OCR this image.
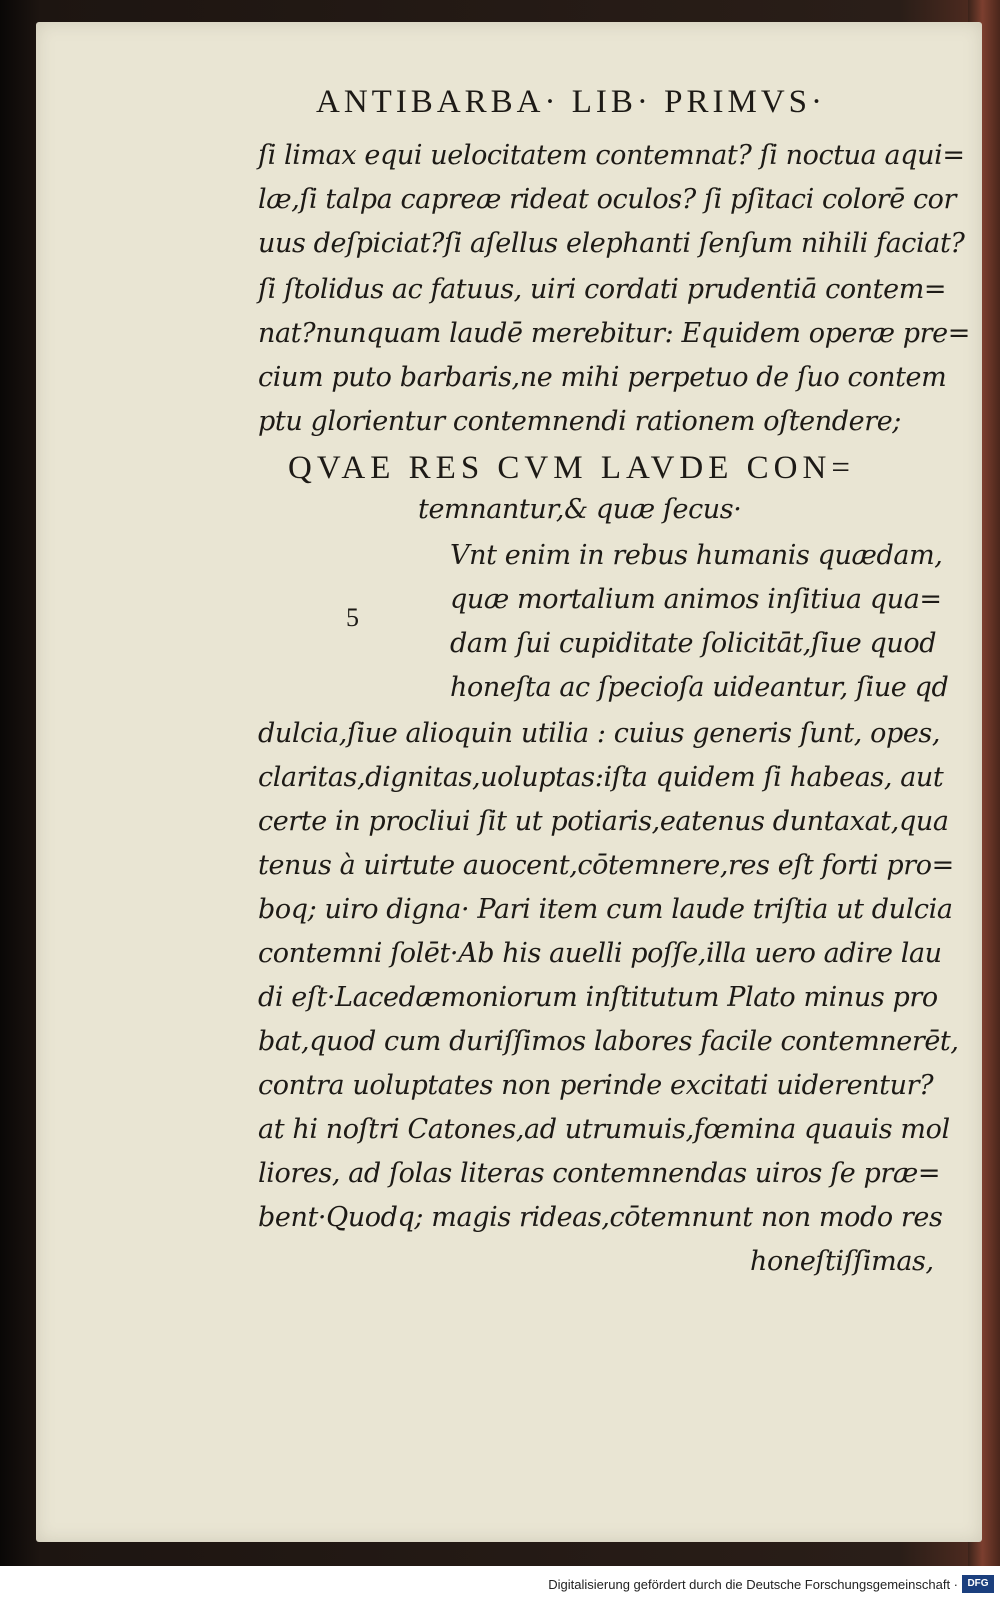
ANTIBARBA· LIB· PRIMVS·
ſi limax equi uelocitatem contemnat? ſi noctua aqui=
læ,ſi talpa capreæ rideat oculos? ſi pſitaci colorē cor
uus deſpiciat?ſi aſellus elephanti ſenſum nihili faciat?
ſi ſtolidus ac fatuus, uiri cordati prudentiā contem=
nat?nunquam laudē merebitur: Equidem operæ pre=
cium puto barbaris,ne mihi perpetuo de ſuo contem
ptu glorientur contemnendi rationem oſtendere;
QVAE RES CVM LAVDE CON=
temnantur,& quæ ſecus·
Vnt enim in rebus humanis quædam,
quæ mortalium animos inſitiua qua=
dam ſui cupiditate ſolicitāt,ſiue quod
honeſta ac ſpecioſa uideantur, ſiue qd
dulcia,ſiue alioquin utilia : cuius generis ſunt, opes,
claritas,dignitas,uoluptas:iſta quidem ſi habeas, aut
certe in procliui ſit ut potiaris,eatenus duntaxat,qua
tenus à uirtute auocent,cōtemnere,res eſt forti pro=
boq; uiro digna· Pari item cum laude triſtia ut dulcia
contemni ſolēt·Ab his auelli poſſe,illa uero adire lau
di eſt·Lacedæmoniorum inſtitutum Plato minus pro
bat,quod cum duriſſimos labores facile contemnerēt,
contra uoluptates non perinde excitati uiderentur?
at hi noſtri Catones,ad utrumuis,fœmina quauis mol
liores, ad ſolas literas contemnendas uiros ſe præ=
bent·Quodq; magis rideas,cōtemnunt non modo res
honeſtiſſimas,
5
Digitalisierung gefördert durch die Deutsche Forschungsgemeinschaft · DFG
